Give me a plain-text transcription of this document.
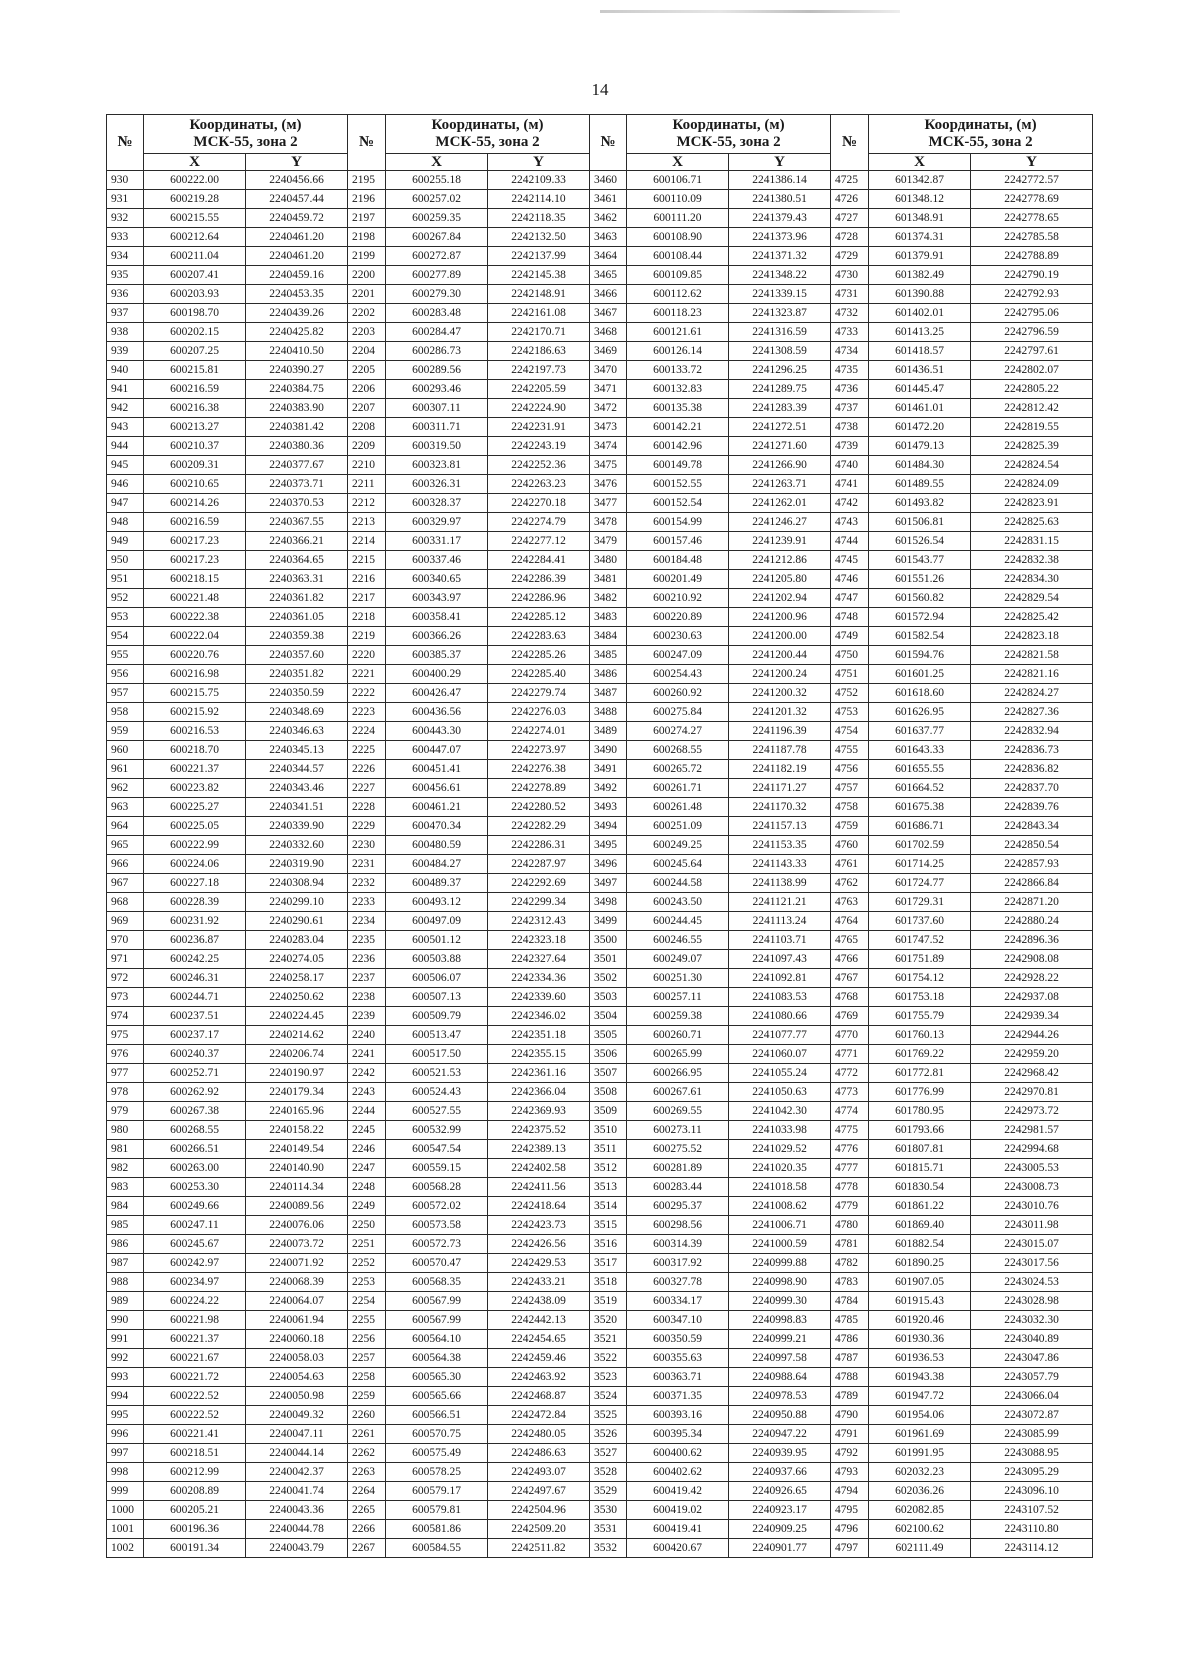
14
№	Координаты, (м)
МСК-55, зона 2		№	Координаты, (м)
МСК-55, зона 2		№	Координаты, (м)
МСК-55, зона 2		№	Координаты, (м)
МСК-55, зона 2	

	X	Y		X	Y		X	Y		X	Y
930	600222.00	2240456.66	2195	600255.18	2242109.33	3460	600106.71	2241386.14	4725	601342.87	2242772.57
931	600219.28	2240457.44	2196	600257.02	2242114.10	3461	600110.09	2241380.51	4726	601348.12	2242778.69
932	600215.55	2240459.72	2197	600259.35	2242118.35	3462	600111.20	2241379.43	4727	601348.91	2242778.65
933	600212.64	2240461.20	2198	600267.84	2242132.50	3463	600108.90	2241373.96	4728	601374.31	2242785.58
934	600211.04	2240461.20	2199	600272.87	2242137.99	3464	600108.44	2241371.32	4729	601379.91	2242788.89
935	600207.41	2240459.16	2200	600277.89	2242145.38	3465	600109.85	2241348.22	4730	601382.49	2242790.19
936	600203.93	2240453.35	2201	600279.30	2242148.91	3466	600112.62	2241339.15	4731	601390.88	2242792.93
937	600198.70	2240439.26	2202	600283.48	2242161.08	3467	600118.23	2241323.87	4732	601402.01	2242795.06
938	600202.15	2240425.82	2203	600284.47	2242170.71	3468	600121.61	2241316.59	4733	601413.25	2242796.59
939	600207.25	2240410.50	2204	600286.73	2242186.63	3469	600126.14	2241308.59	4734	601418.57	2242797.61
940	600215.81	2240390.27	2205	600289.56	2242197.73	3470	600133.72	2241296.25	4735	601436.51	2242802.07
941	600216.59	2240384.75	2206	600293.46	2242205.59	3471	600132.83	2241289.75	4736	601445.47	2242805.22
942	600216.38	2240383.90	2207	600307.11	2242224.90	3472	600135.38	2241283.39	4737	601461.01	2242812.42
943	600213.27	2240381.42	2208	600311.71	2242231.91	3473	600142.21	2241272.51	4738	601472.20	2242819.55
944	600210.37	2240380.36	2209	600319.50	2242243.19	3474	600142.96	2241271.60	4739	601479.13	2242825.39
945	600209.31	2240377.67	2210	600323.81	2242252.36	3475	600149.78	2241266.90	4740	601484.30	2242824.54
946	600210.65	2240373.71	2211	600326.31	2242263.23	3476	600152.55	2241263.71	4741	601489.55	2242824.09
947	600214.26	2240370.53	2212	600328.37	2242270.18	3477	600152.54	2241262.01	4742	601493.82	2242823.91
948	600216.59	2240367.55	2213	600329.97	2242274.79	3478	600154.99	2241246.27	4743	601506.81	2242825.63
949	600217.23	2240366.21	2214	600331.17	2242277.12	3479	600157.46	2241239.91	4744	601526.54	2242831.15
950	600217.23	2240364.65	2215	600337.46	2242284.41	3480	600184.48	2241212.86	4745	601543.77	2242832.38
951	600218.15	2240363.31	2216	600340.65	2242286.39	3481	600201.49	2241205.80	4746	601551.26	2242834.30
952	600221.48	2240361.82	2217	600343.97	2242286.96	3482	600210.92	2241202.94	4747	601560.82	2242829.54
953	600222.38	2240361.05	2218	600358.41	2242285.12	3483	600220.89	2241200.96	4748	601572.94	2242825.42
954	600222.04	2240359.38	2219	600366.26	2242283.63	3484	600230.63	2241200.00	4749	601582.54	2242823.18
955	600220.76	2240357.60	2220	600385.37	2242285.26	3485	600247.09	2241200.44	4750	601594.76	2242821.58
956	600216.98	2240351.82	2221	600400.29	2242285.40	3486	600254.43	2241200.24	4751	601601.25	2242821.16
957	600215.75	2240350.59	2222	600426.47	2242279.74	3487	600260.92	2241200.32	4752	601618.60	2242824.27
958	600215.92	2240348.69	2223	600436.56	2242276.03	3488	600275.84	2241201.32	4753	601626.95	2242827.36
959	600216.53	2240346.63	2224	600443.30	2242274.01	3489	600274.27	2241196.39	4754	601637.77	2242832.94
960	600218.70	2240345.13	2225	600447.07	2242273.97	3490	600268.55	2241187.78	4755	601643.33	2242836.73
961	600221.37	2240344.57	2226	600451.41	2242276.38	3491	600265.72	2241182.19	4756	601655.55	2242836.82
962	600223.82	2240343.46	2227	600456.61	2242278.89	3492	600261.71	2241171.27	4757	601664.52	2242837.70
963	600225.27	2240341.51	2228	600461.21	2242280.52	3493	600261.48	2241170.32	4758	601675.38	2242839.76
964	600225.05	2240339.90	2229	600470.34	2242282.29	3494	600251.09	2241157.13	4759	601686.71	2242843.34
965	600222.99	2240332.60	2230	600480.59	2242286.31	3495	600249.25	2241153.35	4760	601702.59	2242850.54
966	600224.06	2240319.90	2231	600484.27	2242287.97	3496	600245.64	2241143.33	4761	601714.25	2242857.93
967	600227.18	2240308.94	2232	600489.37	2242292.69	3497	600244.58	2241138.99	4762	601724.77	2242866.84
968	600228.39	2240299.10	2233	600493.12	2242299.34	3498	600243.50	2241121.21	4763	601729.31	2242871.20
969	600231.92	2240290.61	2234	600497.09	2242312.43	3499	600244.45	2241113.24	4764	601737.60	2242880.24
970	600236.87	2240283.04	2235	600501.12	2242323.18	3500	600246.55	2241103.71	4765	601747.52	2242896.36
971	600242.25	2240274.05	2236	600503.88	2242327.64	3501	600249.07	2241097.43	4766	601751.89	2242908.08
972	600246.31	2240258.17	2237	600506.07	2242334.36	3502	600251.30	2241092.81	4767	601754.12	2242928.22
973	600244.71	2240250.62	2238	600507.13	2242339.60	3503	600257.11	2241083.53	4768	601753.18	2242937.08
974	600237.51	2240224.45	2239	600509.79	2242346.02	3504	600259.38	2241080.66	4769	601755.79	2242939.34
975	600237.17	2240214.62	2240	600513.47	2242351.18	3505	600260.71	2241077.77	4770	601760.13	2242944.26
976	600240.37	2240206.74	2241	600517.50	2242355.15	3506	600265.99	2241060.07	4771	601769.22	2242959.20
977	600252.71	2240190.97	2242	600521.53	2242361.16	3507	600266.95	2241055.24	4772	601772.81	2242968.42
978	600262.92	2240179.34	2243	600524.43	2242366.04	3508	600267.61	2241050.63	4773	601776.99	2242970.81
979	600267.38	2240165.96	2244	600527.55	2242369.93	3509	600269.55	2241042.30	4774	601780.95	2242973.72
980	600268.55	2240158.22	2245	600532.99	2242375.52	3510	600273.11	2241033.98	4775	601793.66	2242981.57
981	600266.51	2240149.54	2246	600547.54	2242389.13	3511	600275.52	2241029.52	4776	601807.81	2242994.68
982	600263.00	2240140.90	2247	600559.15	2242402.58	3512	600281.89	2241020.35	4777	601815.71	2243005.53
983	600253.30	2240114.34	2248	600568.28	2242411.56	3513	600283.44	2241018.58	4778	601830.54	2243008.73
984	600249.66	2240089.56	2249	600572.02	2242418.64	3514	600295.37	2241008.62	4779	601861.22	2243010.76
985	600247.11	2240076.06	2250	600573.58	2242423.73	3515	600298.56	2241006.71	4780	601869.40	2243011.98
986	600245.67	2240073.72	2251	600572.73	2242426.56	3516	600314.39	2241000.59	4781	601882.54	2243015.07
987	600242.97	2240071.92	2252	600570.47	2242429.53	3517	600317.92	2240999.88	4782	601890.25	2243017.56
988	600234.97	2240068.39	2253	600568.35	2242433.21	3518	600327.78	2240998.90	4783	601907.05	2243024.53
989	600224.22	2240064.07	2254	600567.99	2242438.09	3519	600334.17	2240999.30	4784	601915.43	2243028.98
990	600221.98	2240061.94	2255	600567.99	2242442.13	3520	600347.10	2240998.83	4785	601920.46	2243032.30
991	600221.37	2240060.18	2256	600564.10	2242454.65	3521	600350.59	2240999.21	4786	601930.36	2243040.89
992	600221.67	2240058.03	2257	600564.38	2242459.46	3522	600355.63	2240997.58	4787	601936.53	2243047.86
993	600221.72	2240054.63	2258	600565.30	2242463.92	3523	600363.71	2240988.64	4788	601943.38	2243057.79
994	600222.52	2240050.98	2259	600565.66	2242468.87	3524	600371.35	2240978.53	4789	601947.72	2243066.04
995	600222.52	2240049.32	2260	600566.51	2242472.84	3525	600393.16	2240950.88	4790	601954.06	2243072.87
996	600221.41	2240047.11	2261	600570.75	2242480.05	3526	600395.34	2240947.22	4791	601961.69	2243085.99
997	600218.51	2240044.14	2262	600575.49	2242486.63	3527	600400.62	2240939.95	4792	601991.95	2243088.95
998	600212.99	2240042.37	2263	600578.25	2242493.07	3528	600402.62	2240937.66	4793	602032.23	2243095.29
999	600208.89	2240041.74	2264	600579.17	2242497.67	3529	600419.42	2240926.65	4794	602036.26	2243096.10
1000	600205.21	2240043.36	2265	600579.81	2242504.96	3530	600419.02	2240923.17	4795	602082.85	2243107.52
1001	600196.36	2240044.78	2266	600581.86	2242509.20	3531	600419.41	2240909.25	4796	602100.62	2243110.80
1002	600191.34	2240043.79	2267	600584.55	2242511.82	3532	600420.67	2240901.77	4797	602111.49	2243114.12
